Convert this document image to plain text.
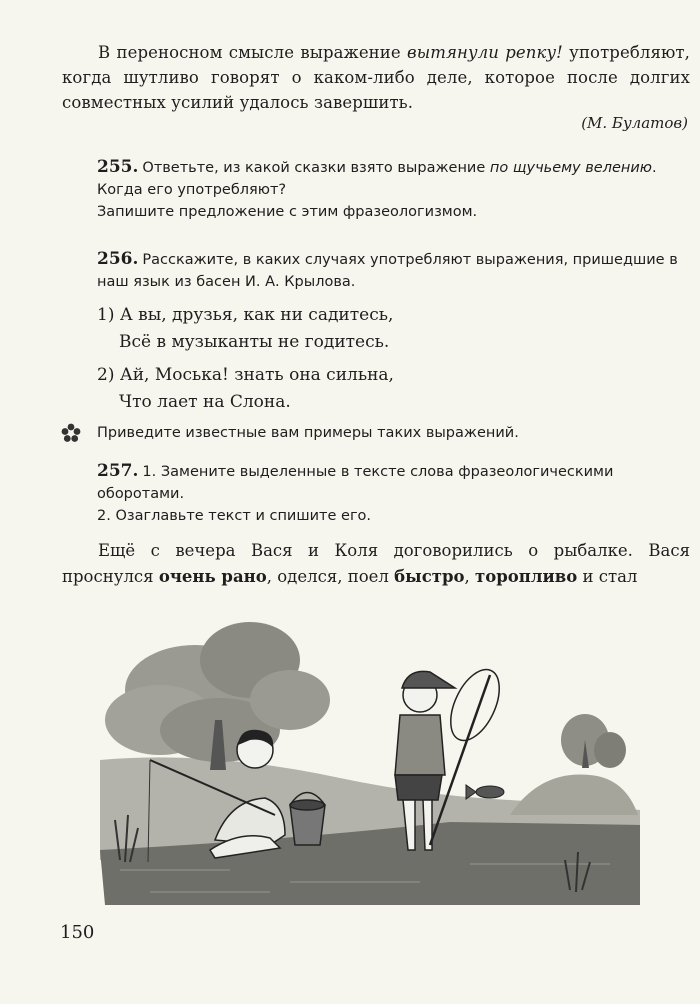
В переносном смысле выражение вытянули репку! употребляют, когда шутливо говорят о каком-либо деле, которое после долгих совместных усилий удалось завершить.

(М. Булатов)
255. Ответьте, из какой сказки взято выражение по щучьему велению. Когда его употребляют?
Запишите предложение с этим фразеологизмом.
256. Расскажите, в каких случаях употребляют выражения, пришедшие в наш язык из басен И. А. Крылова.
1) А вы, друзья, как ни садитесь,
Всё в музыканты не годитесь.
2) Ай, Моська! знать она сильна,
Что лает на Слона.
Приведите известные вам примеры таких выражений.
257. 1. Замените выделенные в тексте слова фразеологическими оборотами.
2. Озаглавьте текст и спишите его.

Ещё с вечера Вася и Коля договорились о рыбалке. Вася проснулся очень рано, оделся, поел быстро, торопливо и стал

150
